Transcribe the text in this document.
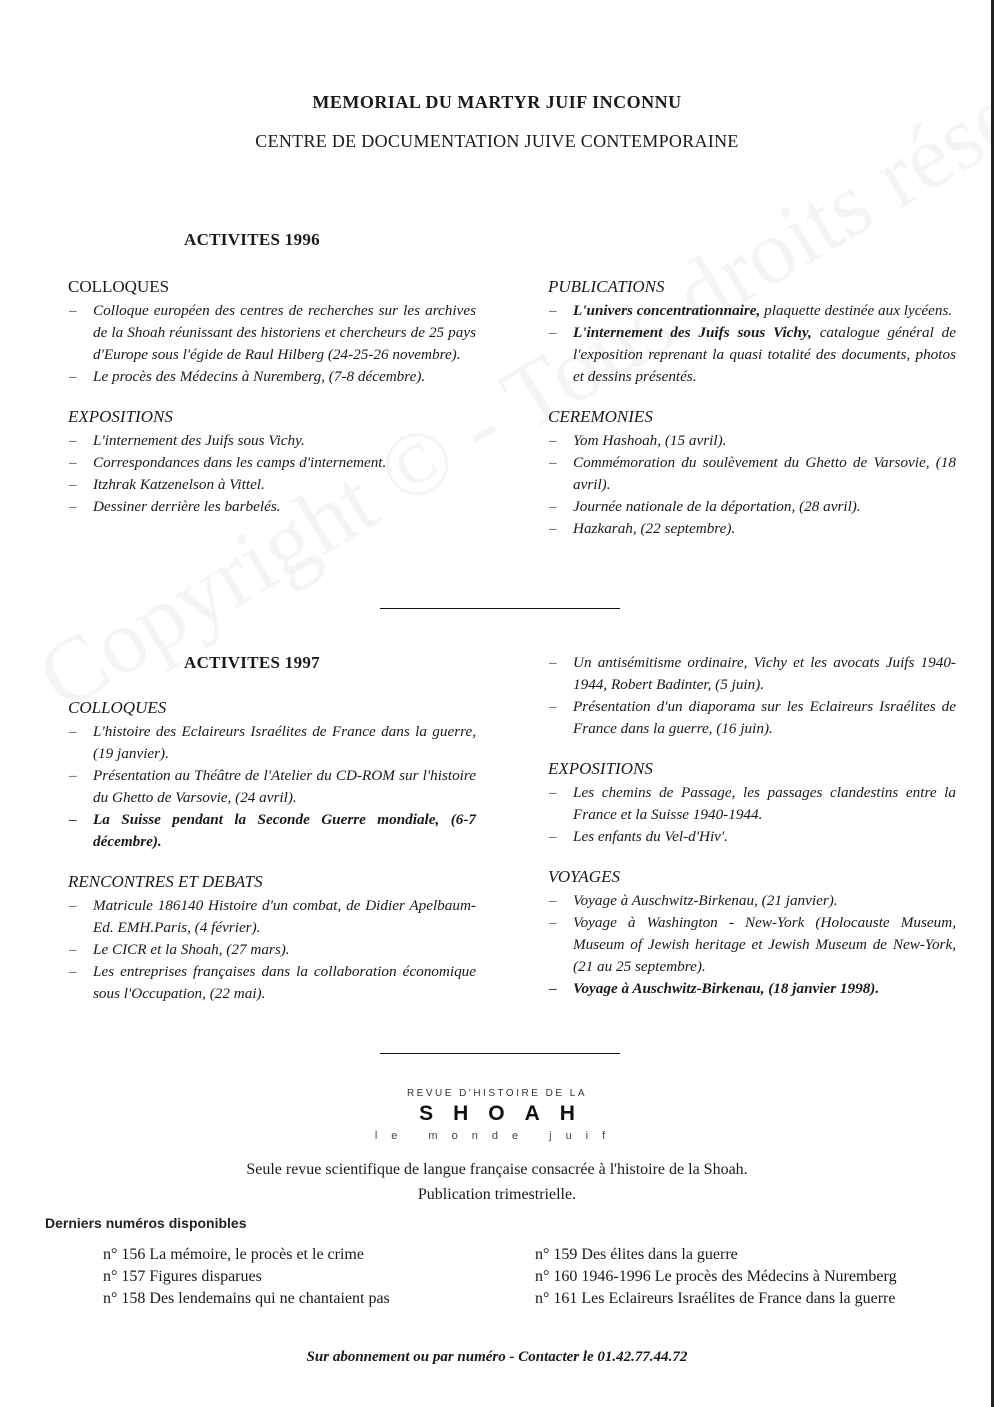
MEMORIAL DU MARTYR JUIF INCONNU
CENTRE DE DOCUMENTATION JUIVE CONTEMPORAINE
ACTIVITES 1996
COLLOQUES
– Colloque européen des centres de recherches sur les archives de la Shoah réunissant des historiens et chercheurs de 25 pays d'Europe sous l'égide de Raul Hilberg (24-25-26 novembre).
– Le procès des Médecins à Nuremberg, (7-8 décembre).
EXPOSITIONS
– L'internement des Juifs sous Vichy.
– Correspondances dans les camps d'internement.
– Itzhrak Katzenelson à Vittel.
– Dessiner derrière les barbelés.
PUBLICATIONS
– L'univers concentrationnaire, plaquette destinée aux lycéens.
– L'internement des Juifs sous Vichy, catalogue général de l'exposition reprenant la quasi totalité des documents, photos et dessins présentés.
CEREMONIES
– Yom Hashoah, (15 avril).
– Commémoration du soulèvement du Ghetto de Varsovie, (18 avril).
– Journée nationale de la déportation, (28 avril).
– Hazkarah, (22 septembre).
ACTIVITES 1997
COLLOQUES
– L'histoire des Eclaireurs Israélites de France dans la guerre, (19 janvier).
– Présentation au Théâtre de l'Atelier du CD-ROM sur l'histoire du Ghetto de Varsovie, (24 avril).
– La Suisse pendant la Seconde Guerre mondiale, (6-7 décembre).
RENCONTRES ET DEBATS
– Matricule 186140 Histoire d'un combat, de Didier Apelbaum- Ed. EMH.Paris, (4 février).
– Le CICR et la Shoah, (27 mars).
– Les entreprises françaises dans la collaboration économique sous l'Occupation, (22 mai).
– Un antisémitisme ordinaire, Vichy et les avocats Juifs 1940-1944, Robert Badinter, (5 juin).
– Présentation d'un diaporama sur les Eclaireurs Israélites de France dans la guerre, (16 juin).
EXPOSITIONS
– Les chemins de Passage, les passages clandestins entre la France et la Suisse 1940-1944.
– Les enfants du Vel-d'Hiv'.
VOYAGES
– Voyage à Auschwitz-Birkenau, (21 janvier).
– Voyage à Washington - New-York (Holocauste Museum, Museum of Jewish heritage et Jewish Museum de New-York, (21 au 25 septembre).
– Voyage à Auschwitz-Birkenau, (18 janvier 1998).
REVUE D'HISTOIRE DE LA
SHOAH
le monde juif
Seule revue scientifique de langue française consacrée à l'histoire de la Shoah.
Publication trimestrielle.
Derniers numéros disponibles
n° 156 La mémoire, le procès et le crime
n° 157 Figures disparues
n° 158 Des lendemains qui ne chantaient pas
n° 159 Des élites dans la guerre
n° 160 1946-1996 Le procès des Médecins à Nuremberg
n° 161 Les Eclaireurs Israélites de France dans la guerre
Sur abonnement ou par numéro - Contacter le 01.42.77.44.72
